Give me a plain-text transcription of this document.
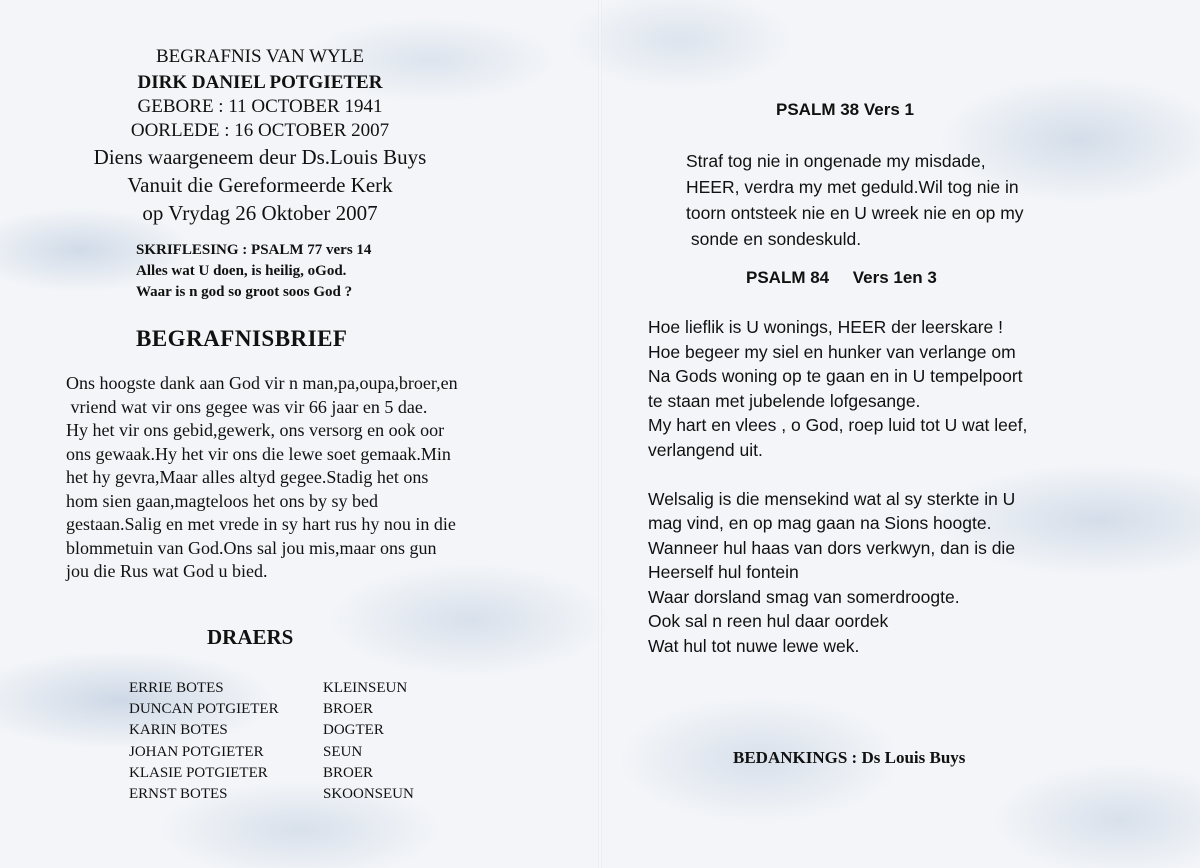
BEGRAFNIS VAN WYLE
DIRK DANIEL POTGIETER
GEBORE : 11 OCTOBER 1941
OORLEDE : 16 OCTOBER 2007
Diens waargeneem deur Ds.Louis Buys
Vanuit die Gereformeerde Kerk
op Vrydag 26 Oktober 2007
SKRIFLESING : PSALM 77 vers 14
Alles wat U doen, is heilig, oGod.
Waar is n god so groot soos God ?
BEGRAFNISBRIEF
Ons hoogste dank aan God vir n man,pa,oupa,broer,en
vriend wat vir ons gegee was vir 66 jaar en 5 dae.
Hy het vir ons gebid,gewerk, ons versorg en ook oor
ons gewaak.Hy het vir ons die lewe soet gemaak.Min
het hy gevra,Maar alles altyd gegee.Stadig het ons
hom sien gaan,magteloos het ons by sy bed
gestaan.Salig en met vrede in sy hart rus hy nou in die
blommetuin van God.Ons sal jou mis,maar ons gun
jou die Rus wat God u bied.
DRAERS
ERRIE BOTES	KLEINSEUN
DUNCAN POTGIETER	BROER
KARIN BOTES	DOGTER
JOHAN POTGIETER	SEUN
KLASIE POTGIETER	BROER
ERNST BOTES	SKOONSEUN
PSALM 38 Vers 1
Straf tog nie in ongenade my misdade,
HEER, verdra my met geduld.Wil tog nie in
toorn ontsteek nie en U wreek nie en op my
sonde en sondeskuld.
PSALM 84     Vers 1en 3
Hoe lieflik is U wonings, HEER der leerskare !
Hoe begeer my siel en hunker van verlange om
Na Gods woning op te gaan en in U tempelpoort
te staan met jubelende lofgesange.
My hart en vlees , o God, roep luid tot U wat leef,
verlangend uit.
Welsalig is die mensekind wat al sy sterkte in U
mag vind, en op mag gaan na Sions hoogte.
Wanneer hul haas van dors verkwyn, dan is die
Heerself hul fontein
Waar dorsland smag van somerdroogte.
Ook sal n reen hul daar oordek
Wat hul tot nuwe lewe wek.
BEDANKINGS : Ds Louis Buys
